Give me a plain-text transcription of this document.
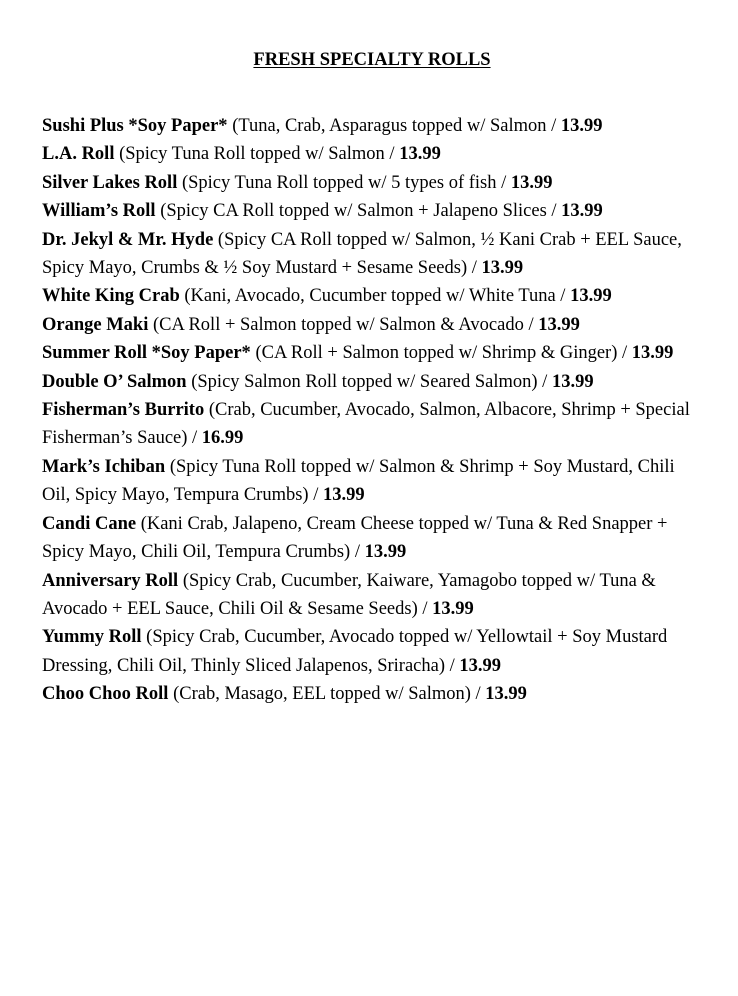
FRESH SPECIALTY ROLLS
Sushi Plus *Soy Paper* (Tuna, Crab, Asparagus topped w/ Salmon / 13.99
L.A. Roll (Spicy Tuna Roll topped w/ Salmon / 13.99
Silver Lakes Roll (Spicy Tuna Roll topped w/ 5 types of fish / 13.99
William’s Roll (Spicy CA Roll topped w/ Salmon + Jalapeno Slices / 13.99
Dr. Jekyl & Mr. Hyde (Spicy CA Roll topped w/ Salmon, ½ Kani Crab + EEL Sauce, Spicy Mayo, Crumbs & ½ Soy Mustard + Sesame Seeds) / 13.99
White King Crab (Kani, Avocado, Cucumber topped w/ White Tuna / 13.99
Orange Maki (CA Roll + Salmon topped w/ Salmon & Avocado / 13.99
Summer Roll *Soy Paper* (CA Roll + Salmon topped w/ Shrimp & Ginger) / 13.99
Double O’ Salmon (Spicy Salmon Roll topped w/ Seared Salmon) / 13.99
Fisherman’s Burrito (Crab, Cucumber, Avocado, Salmon, Albacore, Shrimp + Special Fisherman’s Sauce) / 16.99
Mark’s Ichiban (Spicy Tuna Roll topped w/ Salmon & Shrimp + Soy Mustard, Chili Oil, Spicy Mayo, Tempura Crumbs) / 13.99
Candi Cane (Kani Crab, Jalapeno, Cream Cheese topped w/ Tuna & Red Snapper + Spicy Mayo, Chili Oil, Tempura Crumbs) / 13.99
Anniversary Roll (Spicy Crab, Cucumber, Kaiware, Yamagobo topped w/ Tuna & Avocado + EEL Sauce, Chili Oil & Sesame Seeds) / 13.99
Yummy Roll (Spicy Crab, Cucumber, Avocado topped w/ Yellowtail + Soy Mustard Dressing, Chili Oil, Thinly Sliced Jalapenos, Sriracha) / 13.99
Choo Choo Roll (Crab, Masago, EEL topped w/ Salmon) / 13.99
